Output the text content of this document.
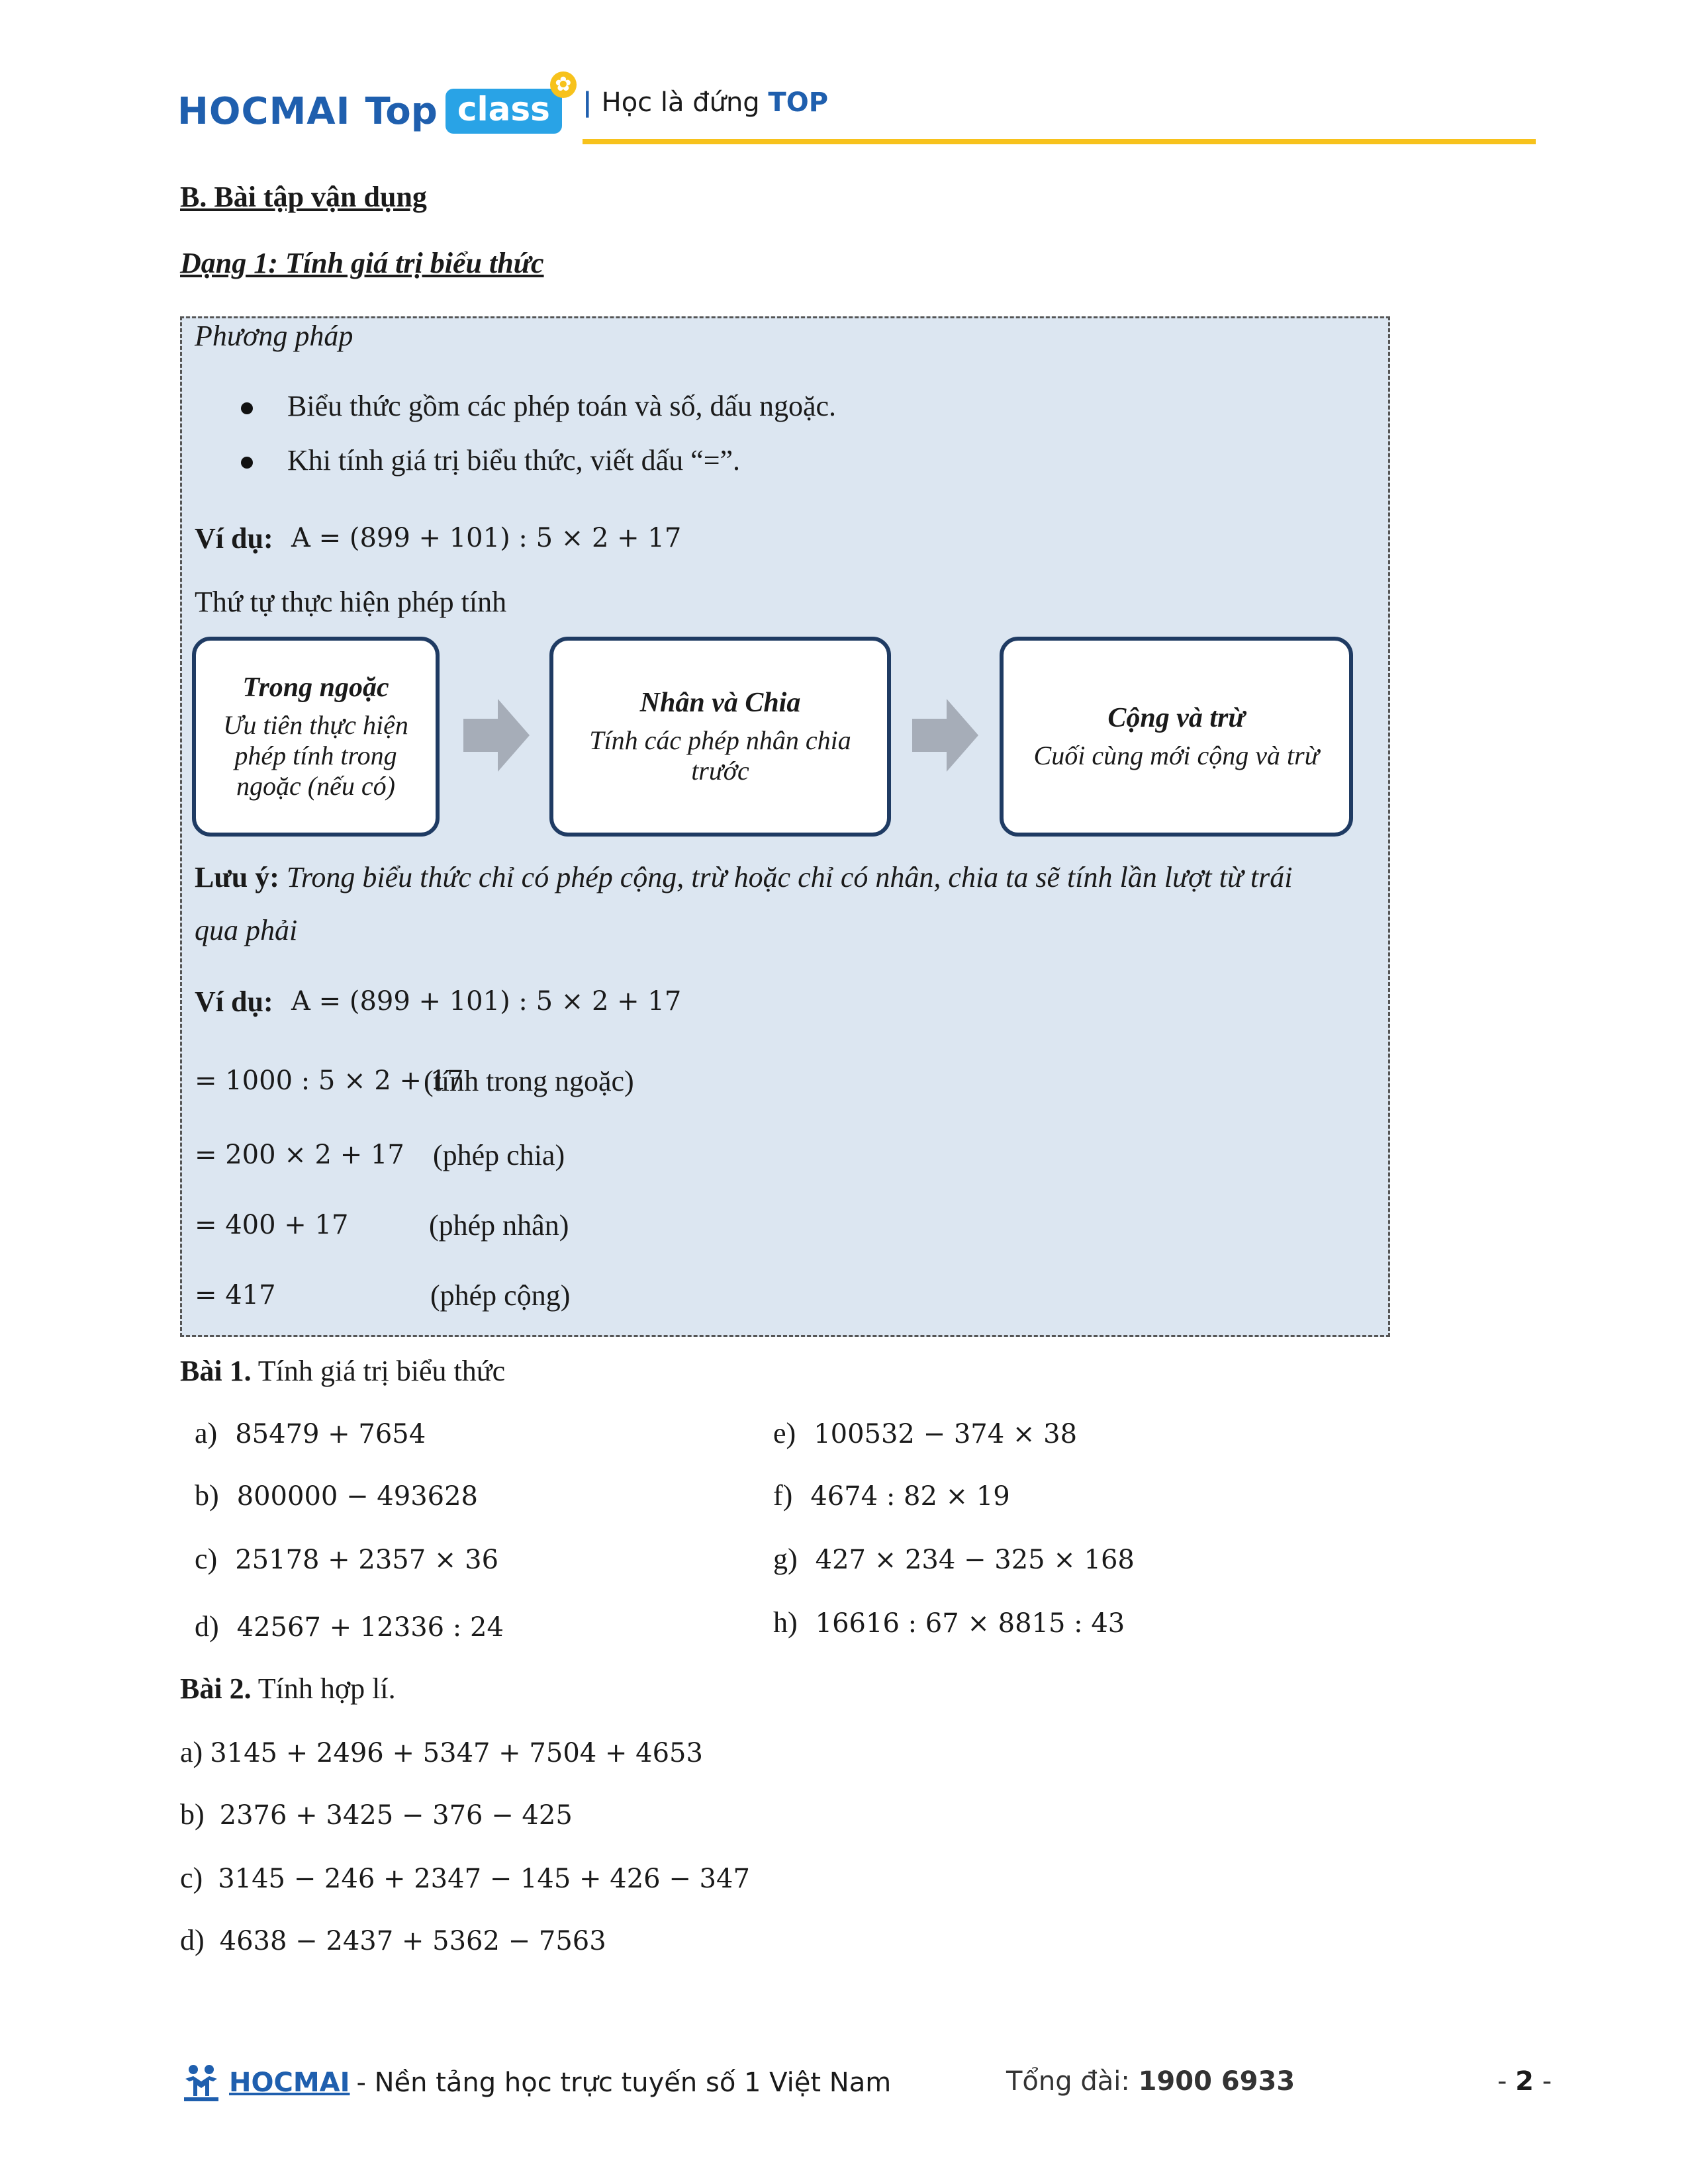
HOCMAI Top class
✿
| Học là đứng TOP
B. Bài tập vận dụng
Dạng 1: Tính giá trị biểu thức
Phương pháp
Biểu thức gồm các phép toán và số, dấu ngoặc.
Khi tính giá trị biểu thức, viết dấu “=”.
Ví dụ: A = (899 + 101) : 5 × 2 + 17
Thứ tự thực hiện phép tính
Trong ngoặc
Ưu tiên thực hiện phép tính trong ngoặc (nếu có)
Nhân và Chia
Tính các phép nhân chia trước
Cộng và trừ
Cuối cùng mới cộng và trừ
Lưu ý: Trong biểu thức chỉ có phép cộng, trừ hoặc chỉ có nhân, chia ta sẽ tính lần lượt từ trái
qua phải
Ví dụ: A = (899 + 101) : 5 × 2 + 17
= 1000 : 5 × 2 + 17
(tính trong ngoặc)
= 200 × 2 + 17 (phép chia)
= 400 + 17	(phép nhân)
= 417	(phép cộng)
Bài 1. Tính giá trị biểu thức
a) 85479 + 7654
b) 800000 − 493628
c) 25178 + 2357 × 36
d) 42567 + 12336 : 24
e) 100532 − 374 × 38
f) 4674 : 82 × 19
g) 427 × 234 − 325 × 168
h) 16616 : 67 × 8815 : 43
Bài 2. Tính hợp lí.
a) 3145 + 2496 + 5347 + 7504 + 4653
b) 2376 + 3425 − 376 − 425
c) 3145 − 246 + 2347 − 145 + 426 − 347
d) 4638 − 2437 + 5362 − 7563
HOCMAI - Nền tảng học trực tuyến số 1 Việt Nam	Tổng đài: 1900 6933	- 2 -
